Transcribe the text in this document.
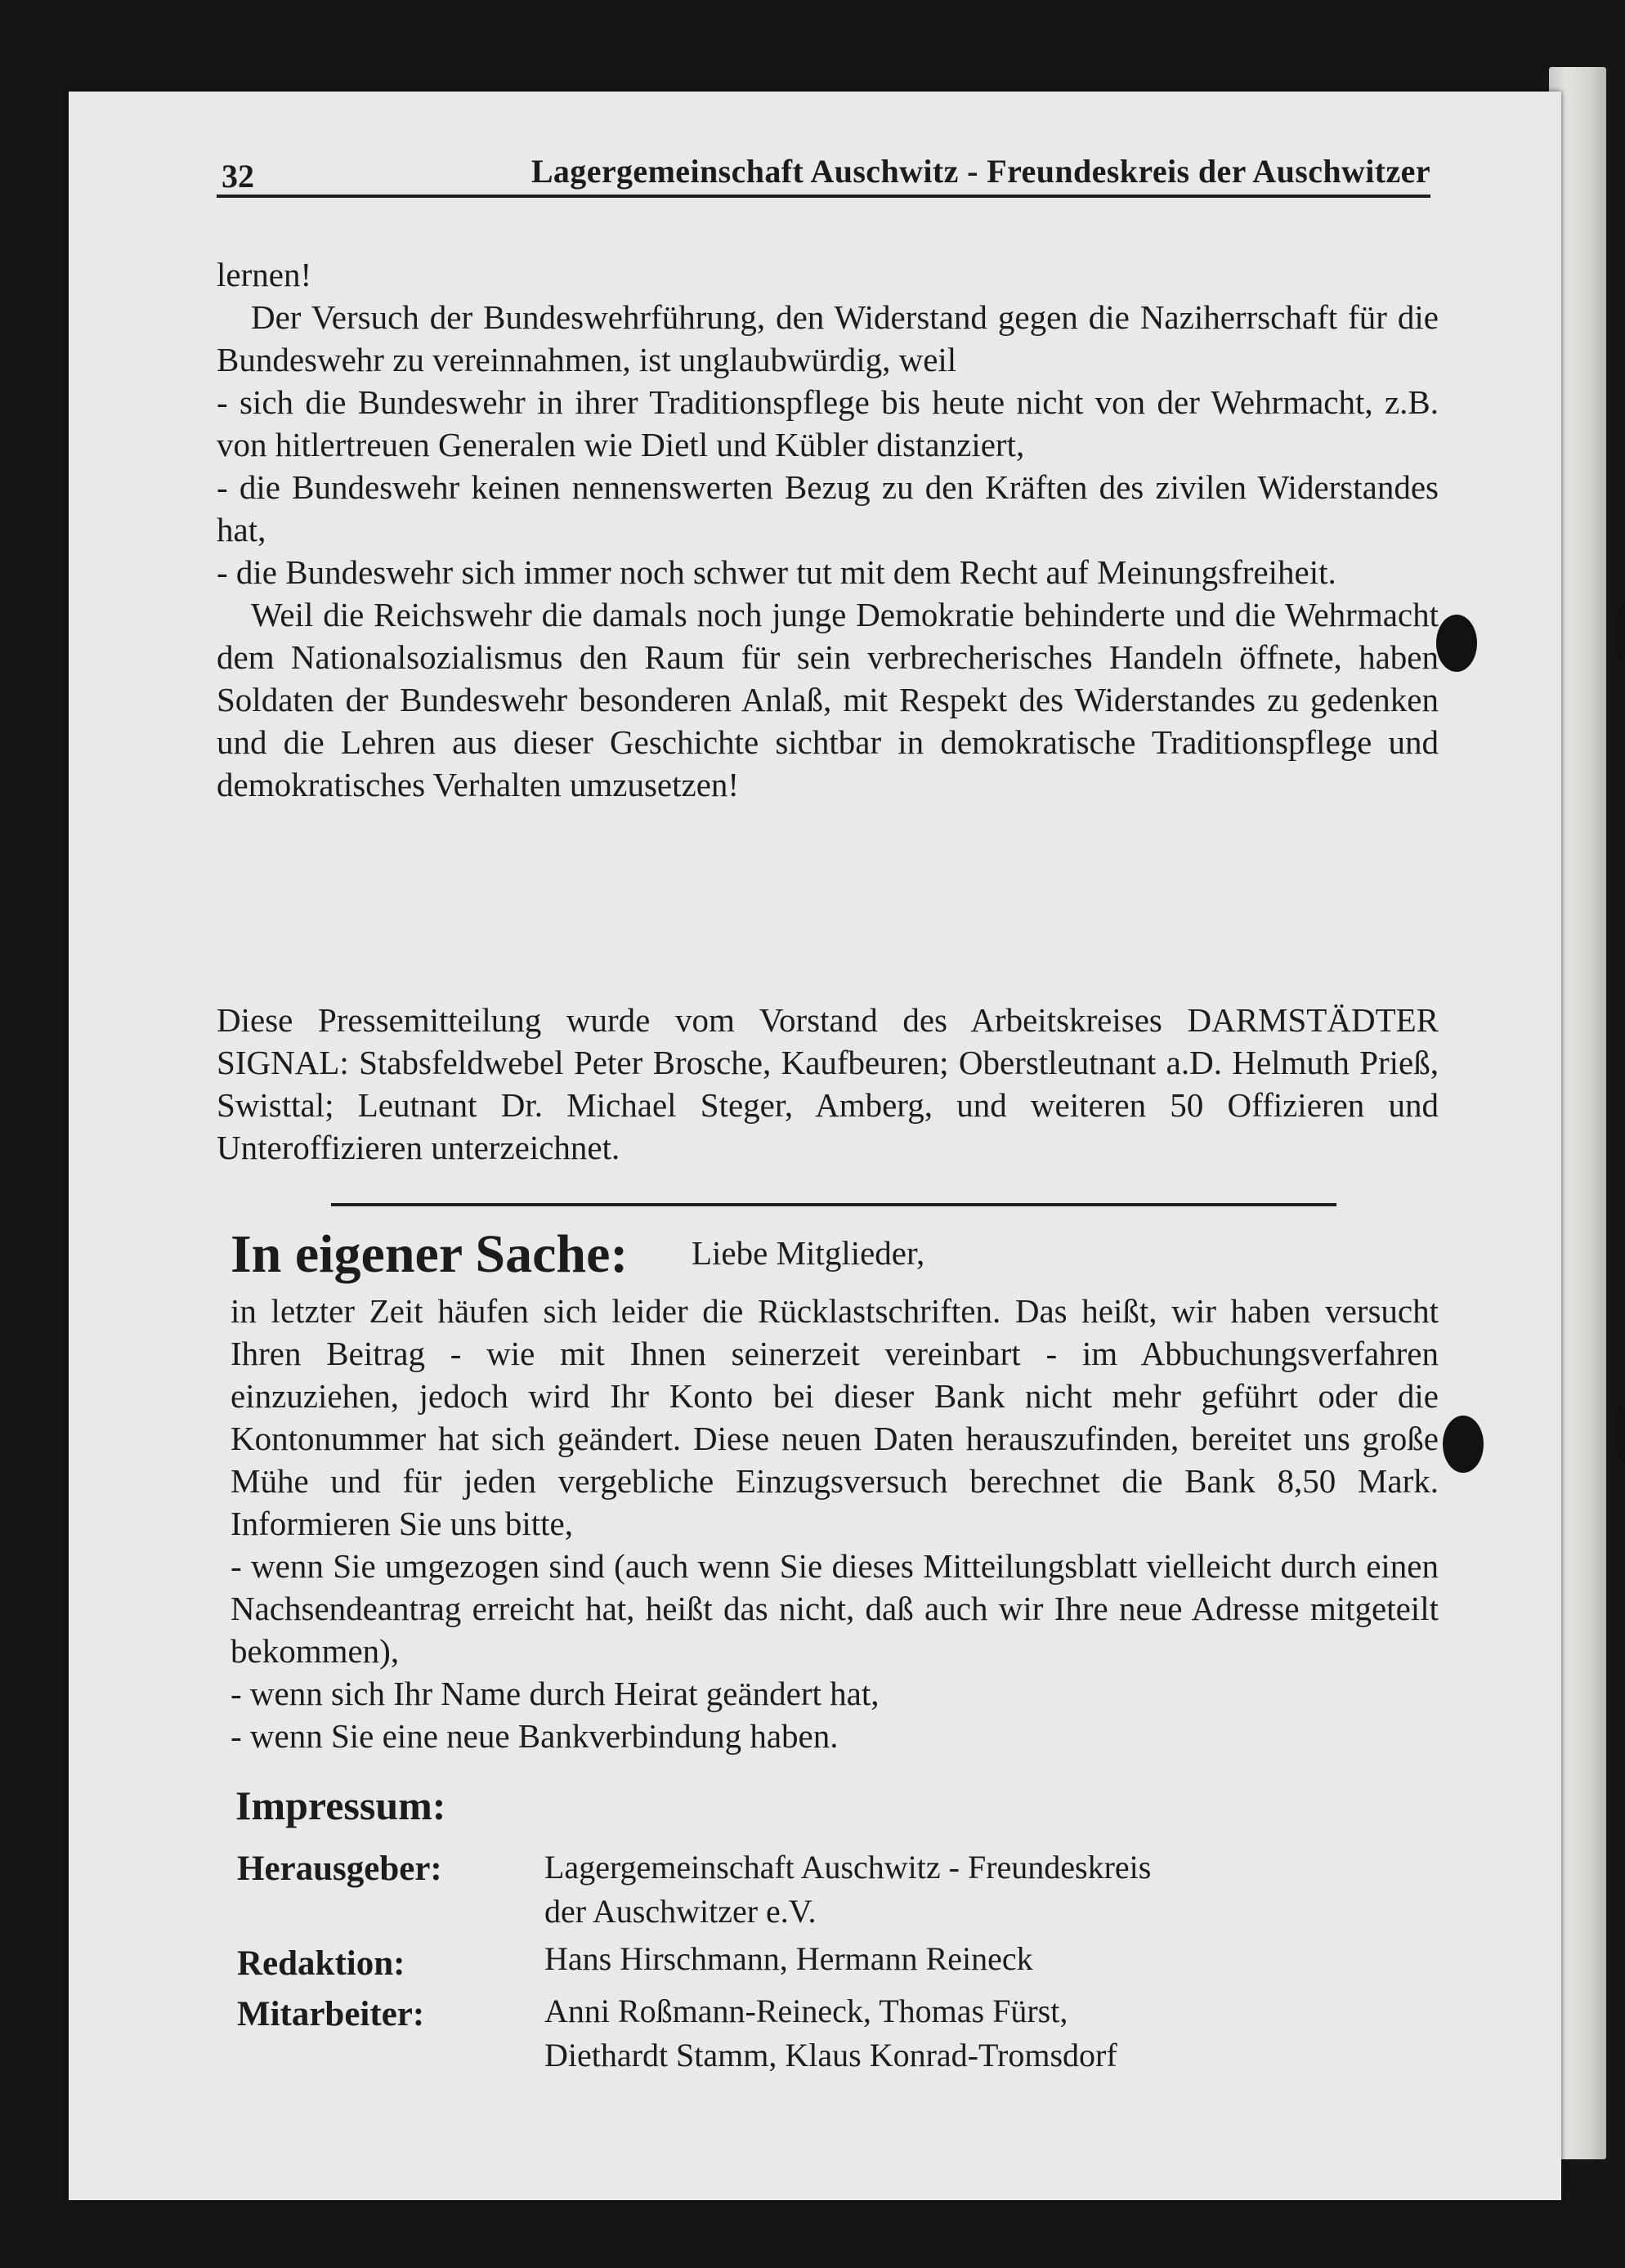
32	Lagergemeinschaft Auschwitz - Freundeskreis der Auschwitzer

lernen!

Der Versuch der Bundeswehrführung, den Widerstand gegen die Naziherrschaft für die Bundeswehr zu vereinnahmen, ist unglaubwürdig, weil

- sich die Bundeswehr in ihrer Traditionspflege bis heute nicht von der Wehrmacht, z.B. von hitlertreuen Generalen wie Dietl und Kübler distanziert,

- die Bundeswehr keinen nennenswerten Bezug zu den Kräften des zivilen Widerstandes hat,

- die Bundeswehr sich immer noch schwer tut mit dem Recht auf Meinungsfreiheit.

Weil die Reichswehr die damals noch junge Demokratie behinderte und die Wehrmacht dem Nationalsozialismus den Raum für sein verbrecherisches Handeln öffnete, haben Soldaten der Bundeswehr besonderen Anlaß, mit Respekt des Widerstandes zu gedenken und die Lehren aus dieser Geschichte sichtbar in demokratische Traditionspflege und demokratisches Verhalten umzusetzen!

Diese Pressemitteilung wurde vom Vorstand des Arbeitskreises DARMSTÄDTER SIGNAL: Stabsfeldwebel Peter Brosche, Kaufbeuren; Oberstleutnant a.D. Helmuth Prieß, Swisttal; Leutnant Dr. Michael Steger, Amberg, und weiteren 50 Offizieren und Unteroffizieren unterzeichnet.

In eigener Sache: Liebe Mitglieder,

in letzter Zeit häufen sich leider die Rücklastschriften. Das heißt, wir haben versucht Ihren Beitrag - wie mit Ihnen seinerzeit vereinbart - im Abbuchungsverfahren einzuziehen, jedoch wird Ihr Konto bei dieser Bank nicht mehr geführt oder die Kontonummer hat sich geändert. Diese neuen Daten herauszufinden, bereitet uns große Mühe und für jeden vergebliche Einzugsversuch berechnet die Bank 8,50 Mark. Informieren Sie uns bitte,

- wenn Sie umgezogen sind (auch wenn Sie dieses Mitteilungsblatt vielleicht durch einen Nachsendeantrag erreicht hat, heißt das nicht, daß auch wir Ihre neue Adresse mitgeteilt bekommen),

- wenn sich Ihr Name durch Heirat geändert hat,

- wenn Sie eine neue Bankverbindung haben.

Impressum:
Herausgeber:	Lagergemeinschaft Auschwitz - Freundeskreis
der Auschwitzer e.V.
Redaktion:	Hans Hirschmann, Hermann Reineck
Mitarbeiter:	Anni Roßmann-Reineck, Thomas Fürst,
Diethardt Stamm, Klaus Konrad-Tromsdorf
